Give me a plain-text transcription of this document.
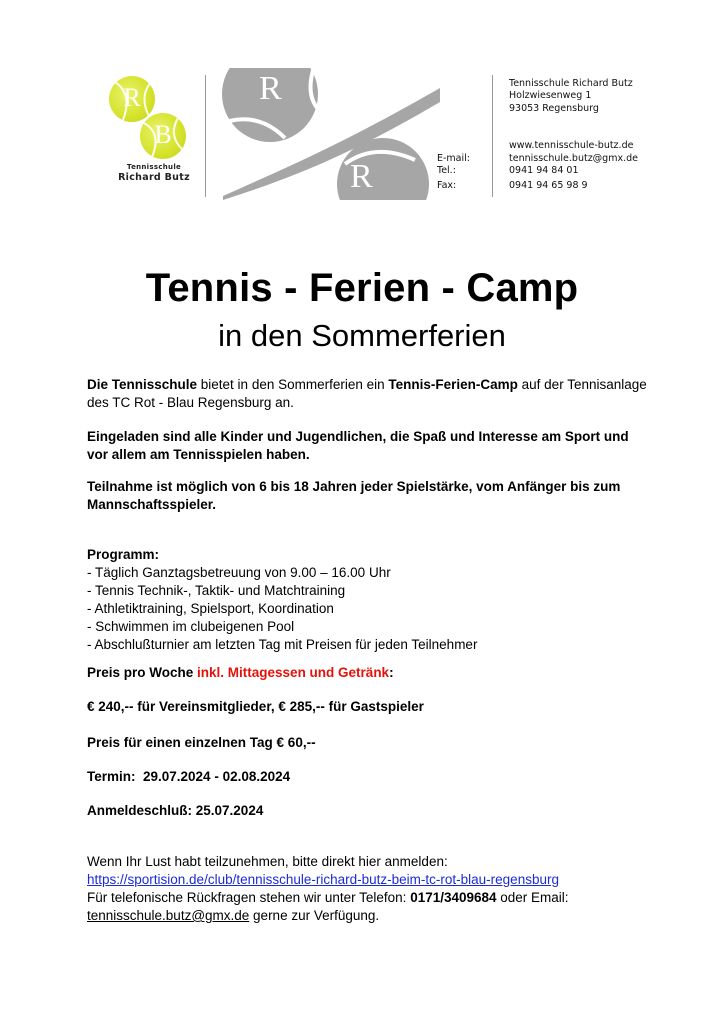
R
B
Tennisschule
Richard Butz
R
R
Tennisschule Richard Butz
Holzwiesenweg 1
93053 Regensburg
www.tennisschule-butz.de
E-mail:	tennisschule.butz@gmx.de
Tel.:	0941 94 84 01
Fax:	0941 94 65 98 9
Tennis - Ferien - Camp
in den Sommerferien
Die Tennisschule bietet in den Sommerferien ein Tennis-Ferien-Camp auf der Tennisanlage des TC Rot - Blau Regensburg an.
Eingeladen sind alle Kinder und Jugendlichen, die Spaß und Interesse am Sport und vor allem am Tennisspielen haben.
Teilnahme ist möglich von 6 bis 18 Jahren jeder Spielstärke, vom Anfänger bis zum Mannschaftsspieler.
Programm:
- Täglich Ganztagsbetreuung von 9.00 – 16.00 Uhr
- Tennis Technik-, Taktik- und Matchtraining
- Athletiktraining, Spielsport, Koordination
- Schwimmen im clubeigenen Pool
- Abschlußturnier am letzten Tag mit Preisen für jeden Teilnehmer
Preis pro Woche inkl. Mittagessen und Getränk:
€ 240,-- für Vereinsmitglieder, € 285,-- für Gastspieler
Preis für einen einzelnen Tag € 60,--
Termin:  29.07.2024 - 02.08.2024
Anmeldeschluß: 25.07.2024
Wenn Ihr Lust habt teilzunehmen, bitte direkt hier anmelden:
https://sportision.de/club/tennisschule-richard-butz-beim-tc-rot-blau-regensburg
Für telefonische Rückfragen stehen wir unter Telefon: 0171/3409684 oder Email:
tennisschule.butz@gmx.de gerne zur Verfügung.
